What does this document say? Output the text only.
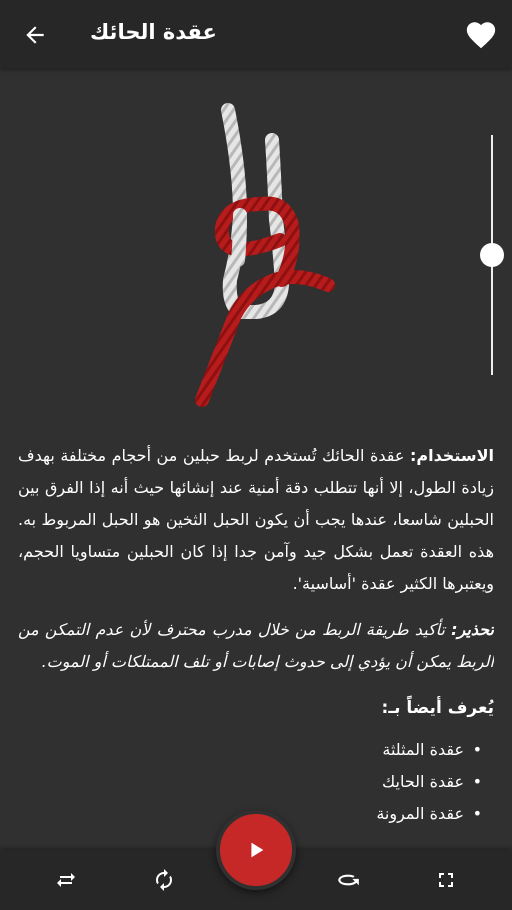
عقدة الحائك

الاستخدام: عقدة الحائك تُستخدم لربط حبلين من أحجام مختلفة بهدف زيادة الطول، إلا أنها تتطلب دقة أمنية عند إنشائها حيث أنه إذا الفرق بين الحبلين شاسعا، عندها يجب أن يكون الحبل الثخين هو الحبل المربوط به. هذه العقدة تعمل بشكل جيد وآمن جدا إذا كان الحبلين متساويا الحجم، ويعتبرها الكثير عقدة 'أساسية'.

تحذير: تأكيد طريقة الربط من خلال مدرب محترف لأن عدم التمكن من الربط يمكن أن يؤدي إلى حدوث إصابات أو تلف الممتلكات أو الموت.

يُعرف أيضاً بـ:
• عقدة المثلثة
• عقدة الحايك
• عقدة المرونة
